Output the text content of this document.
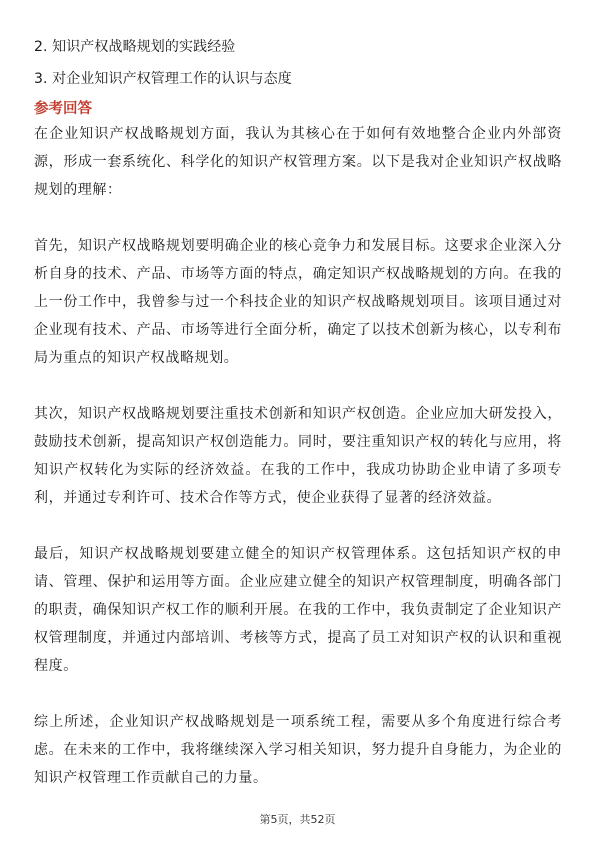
2. 知识产权战略规划的实践经验
3. 对企业知识产权管理工作的认识与态度
参考回答

在企业知识产权战略规划方面，我认为其核心在于如何有效地整合企业内外部资源，形成一套系统化、科学化的知识产权管理方案。以下是我对企业知识产权战略规划的理解：

首先，知识产权战略规划要明确企业的核心竞争力和发展目标。这要求企业深入分析自身的技术、产品、市场等方面的特点，确定知识产权战略规划的方向。在我的上一份工作中，我曾参与过一个科技企业的知识产权战略规划项目。该项目通过对企业现有技术、产品、市场等进行全面分析，确定了以技术创新为核心，以专利布局为重点的知识产权战略规划。

其次，知识产权战略规划要注重技术创新和知识产权创造。企业应加大研发投入，鼓励技术创新，提高知识产权创造能力。同时，要注重知识产权的转化与应用，将知识产权转化为实际的经济效益。在我的工作中，我成功协助企业申请了多项专利，并通过专利许可、技术合作等方式，使企业获得了显著的经济效益。

最后，知识产权战略规划要建立健全的知识产权管理体系。这包括知识产权的申请、管理、保护和运用等方面。企业应建立健全的知识产权管理制度，明确各部门的职责，确保知识产权工作的顺利开展。在我的工作中，我负责制定了企业知识产权管理制度，并通过内部培训、考核等方式，提高了员工对知识产权的认识和重视程度。

综上所述，企业知识产权战略规划是一项系统工程，需要从多个角度进行综合考虑。在未来的工作中，我将继续深入学习相关知识，努力提升自身能力，为企业的知识产权管理工作贡献自己的力量。

第5页，共52页
